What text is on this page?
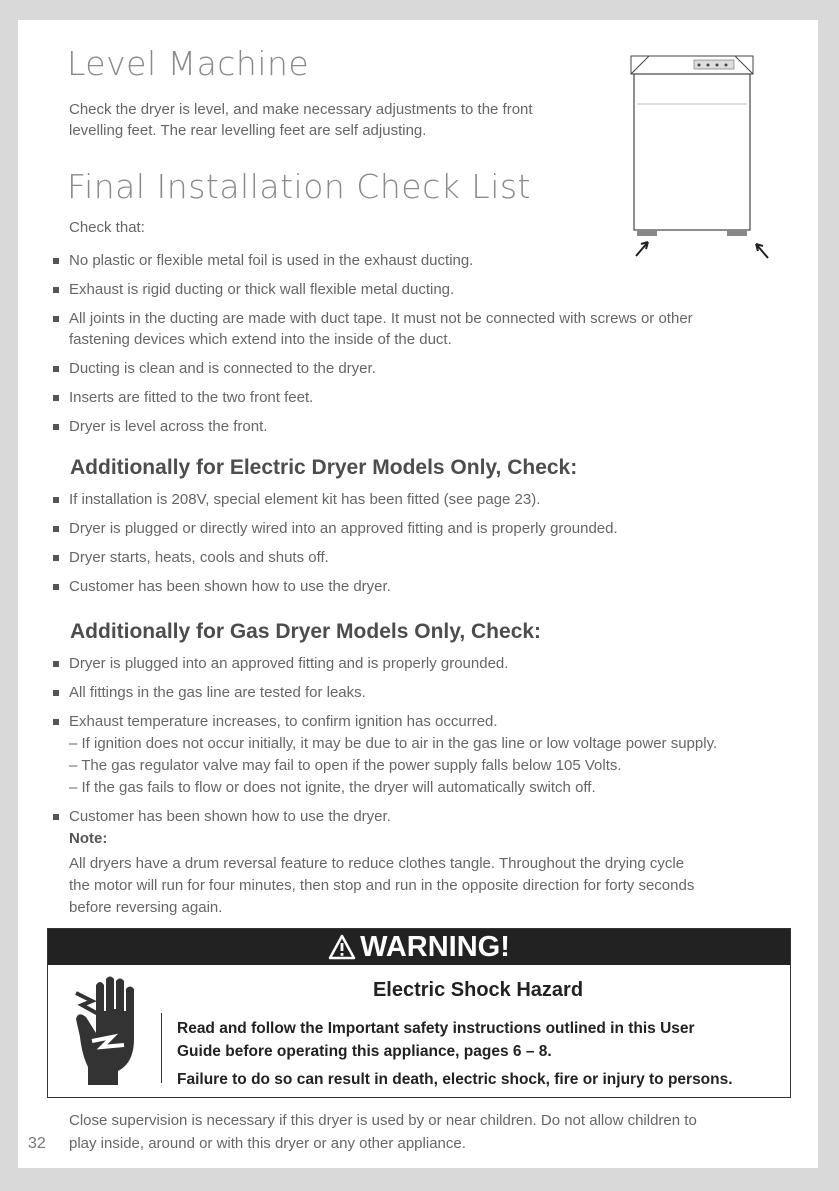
Level Machine

Check the dryer is level, and make necessary adjustments to the front

levelling feet. The rear levelling feet are self adjusting.

Final Installation Check List

Check that:

No plastic or flexible metal foil is used in the exhaust ducting.

Exhaust is rigid ducting or thick wall flexible metal ducting.

All joints in the ducting are made with duct tape. It must not be connected with screws or other

fastening devices which extend into the inside of the duct.

Ducting is clean and is connected to the dryer.

Inserts are fitted to the two front feet.

Dryer is level across the front.

Additionally for Electric Dryer Models Only, Check:

If installation is 208V, special element kit has been fitted (see page 23).

Dryer is plugged or directly wired into an approved fitting and is properly grounded.

Dryer starts, heats, cools and shuts off.

Customer has been shown how to use the dryer.

Additionally for Gas Dryer Models Only, Check:

Dryer is plugged into an approved fitting and is properly grounded.

All fittings in the gas line are tested for leaks.

Exhaust temperature increases, to confirm ignition has occurred.

– If ignition does not occur initially, it may be due to air in the gas line or low voltage power supply.

– The gas regulator valve may fail to open if the power supply falls below 105 Volts.

– If the gas fails to flow or does not ignite, the dryer will automatically switch off.

Customer has been shown how to use the dryer.

Note:

All dryers have a drum reversal feature to reduce clothes tangle. Throughout the drying cycle

the motor will run for four minutes, then stop and run in the opposite direction for forty seconds

before reversing again.

WARNING!

Electric Shock Hazard

Read and follow the Important safety instructions outlined in this User

Guide before operating this appliance, pages 6 – 8.

Failure to do so can result in death, electric shock, fire or injury to persons.

Close supervision is necessary if this dryer is used by or near children. Do not allow children to

play inside, around or with this dryer or any other appliance.

32
